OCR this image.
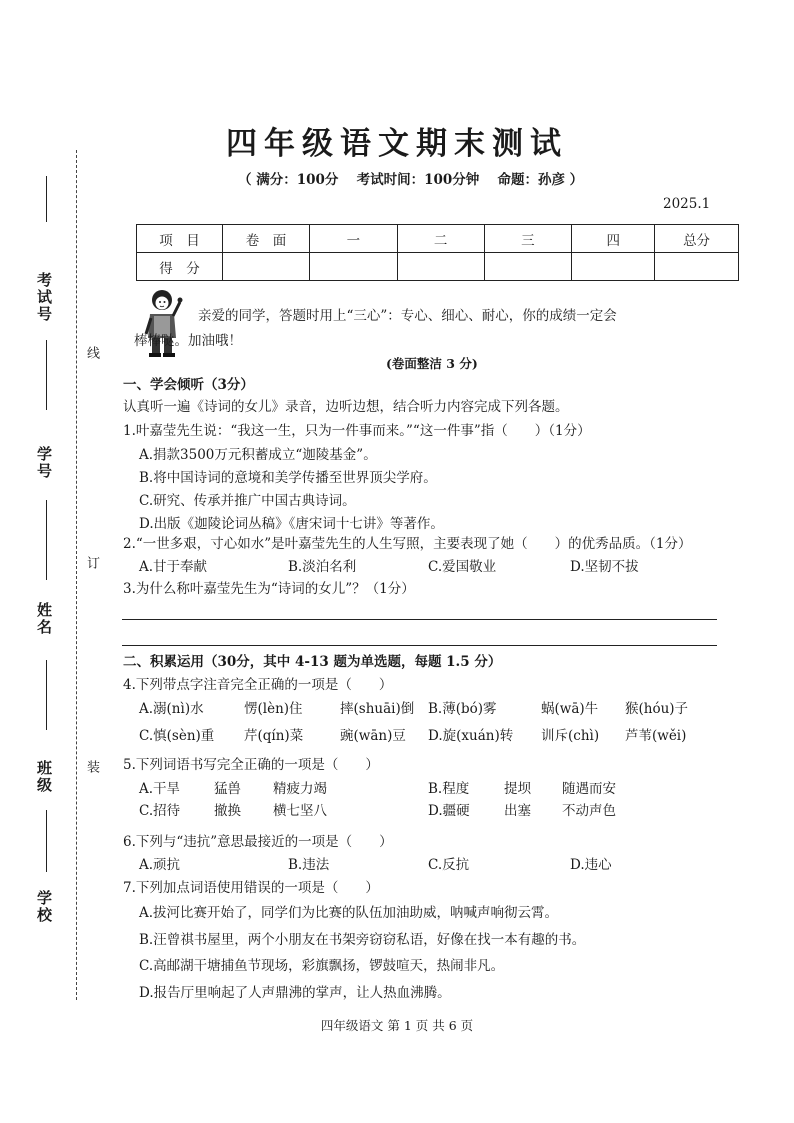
考试号
学号
姓名
班级
学校
线
订
装
四年级语文期末测试
（ 满分：100分　 考试时间：100分钟　 命题：孙彦 ）
2025.1
项　目	卷　面	一	二	三	四	总分
得　分						
亲爱的同学，答题时用上“三心”：专心、细心、耐心，你的成绩一定会
棒棒哒。加油哦！
(卷面整洁 3 分)
一、学会倾听（3分）
认真听一遍《诗词的女儿》录音，边听边想，结合听力内容完成下列各题。
1.叶嘉莹先生说：“我这一生，只为一件事而来。”“这一件事”指（　　）（1分）
A.捐款3500万元积蓄成立“迦陵基金”。
B.将中国诗词的意境和美学传播至世界顶尖学府。
C.研究、传承并推广中国古典诗词。
D.出版《迦陵论词丛稿》《唐宋词十七讲》等著作。
2.“一世多艰，寸心如水”是叶嘉莹先生的人生写照，主要表现了她（　　）的优秀品质。（1分）
A.甘于奉献	B.淡泊名利	C.爱国敬业	D.坚韧不拔
3.为什么称叶嘉莹先生为“诗词的女儿”？（1分）
二、积累运用（30分，其中 4-13 题为单选题，每题 1.5 分）
4.下列带点字注音完全正确的一项是（　　）
A.溺(nì)水	愣(lèn)住	摔(shuāi)倒 B.薄(bó)雾	蜗(wā)牛 猴(hóu)子
C.慎(sèn)重 芹(qín)菜	豌(wān)豆 D.旋(xuán)转 训斥(chì) 芦苇(wěi)
5.下列词语书写完全正确的一项是（　　）
A.干旱	猛兽 精疲力竭	B.程度	提坝 随遇而安
C.招待	撤换 横七坚八	D.疆硬	出塞 不动声色
6.下列与“违抗”意思最接近的一项是（　　）
A.顽抗	B.违法	C.反抗	D.违心
7.下列加点词语使用错误的一项是（　　）
A.拔河比赛开始了，同学们为比赛的队伍加油助威，呐喊声响彻云霄。
B.汪曾祺书屋里，两个小朋友在书架旁窃窃私语，好像在找一本有趣的书。
C.高邮湖干塘捕鱼节现场，彩旗飘扬，锣鼓喧天，热闹非凡。
D.报告厅里响起了人声鼎沸的掌声，让人热血沸腾。
四年级语文 第 1 页 共 6 页
